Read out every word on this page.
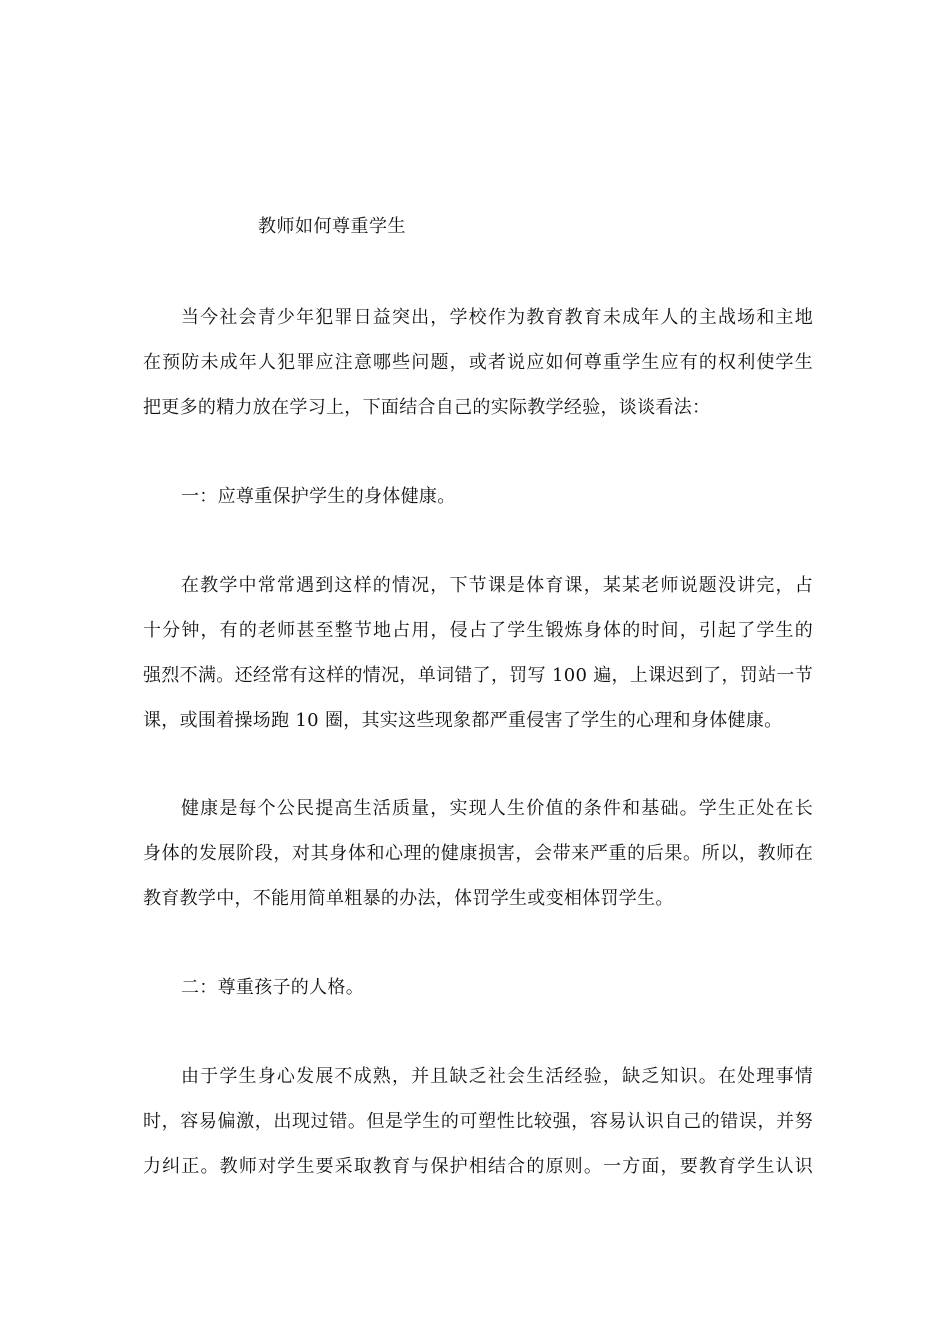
教师如何尊重学生
当今社会青少年犯罪日益突出，学校作为教育教育未成年人的主战场和主地
在预防未成年人犯罪应注意哪些问题，或者说应如何尊重学生应有的权利使学生
把更多的精力放在学习上，下面结合自己的实际教学经验，谈谈看法：
一：应尊重保护学生的身体健康。
在教学中常常遇到这样的情况，下节课是体育课，某某老师说题没讲完，占
十分钟，有的老师甚至整节地占用，侵占了学生锻炼身体的时间，引起了学生的
强烈不满。还经常有这样的情况，单词错了，罚写 100 遍，上课迟到了，罚站一节
课，或围着操场跑 10 圈，其实这些现象都严重侵害了学生的心理和身体健康。
健康是每个公民提高生活质量，实现人生价值的条件和基础。学生正处在长
身体的发展阶段，对其身体和心理的健康损害，会带来严重的后果。所以，教师在
教育教学中，不能用简单粗暴的办法，体罚学生或变相体罚学生。
二：尊重孩子的人格。
由于学生身心发展不成熟，并且缺乏社会生活经验，缺乏知识。在处理事情
时，容易偏激，出现过错。但是学生的可塑性比较强，容易认识自己的错误，并努
力纠正。教师对学生要采取教育与保护相结合的原则。一方面，要教育学生认识
